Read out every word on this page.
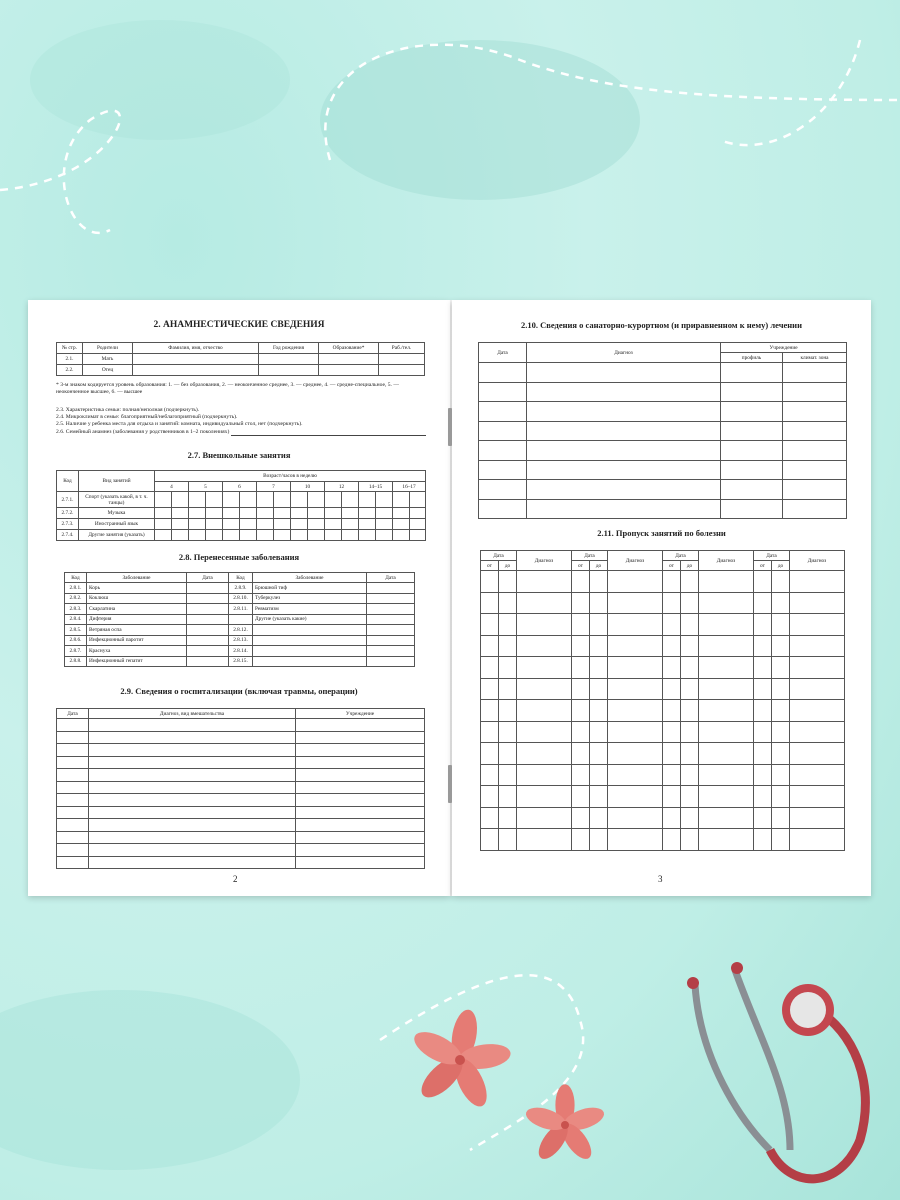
2. АНАМНЕСТИЧЕСКИЕ СВЕДЕНИЯ
№ стр.	Родители	Фамилия, имя, отчество	Год рождения	Образование*	Раб./тел.
2.1.	Мать				
2.2.	Отец				
* 3-м знаком кодируется уровень образования: 1. — без образования, 2. — неоконченное среднее, 3. — среднее, 4. — средне-специальное, 5. — неоконченное высшее, 6. — высшее
2.3. Характеристика семьи: полная/неполная (подчеркнуть).
2.4. Микроклимат в семье: благоприятный/неблагоприятный (подчеркнуть).
2.5. Наличие у ребенка места для отдыха и занятий: комната, индивидуальный стол, нет (подчеркнуть).
2.6. Семейный анамнез (заболевания у родственников в 1–2 поколениях)
2.7. Внешкольные занятия
Код	Вид занятий	Возраст/часов в неделю															
		4		5		6		7		10		12		14–15		16–17	
2.7.1.	Спорт (указать какой, в т. ч. танцы)																
2.7.2.	Музыка																
2.7.3.	Иностранный язык																
2.7.4.	Другие занятия (указать)																
2.8. Перенесенные заболевания
Код	Заболевание	Дата	Код	Заболевание	Дата
2.8.1.	Корь		2.8.9.	Брюшной тиф	
2.8.2.	Коклюш		2.8.10.	Туберкулез	
2.8.3.	Скарлатина		2.8.11.	Ревматизм	
2.8.4.	Дифтерия			Другие (указать какие)	
2.8.5.	Ветряная оспа		2.8.12.		
2.8.6.	Инфекционный паротит		2.8.13.		
2.8.7.	Краснуха		2.8.14.		
2.8.8.	Инфекционный гепатит		2.8.15.		
2.9. Сведения о госпитализации (включая травмы, операции)
Дата	Диагноз, вид вмешательства	Учреждение

2
2.10. Сведения о санаторно-курортном (и приравненном к нему) лечении
Дата	Диагноз	Учреждение	
		профиль	климат. зона

2.11. Пропуск занятий по болезни
Дата		Диагноз	Дата		Диагноз	Дата		Диагноз	Дата		Диагноз
от	до		от	до		от	до		от	до	

3
